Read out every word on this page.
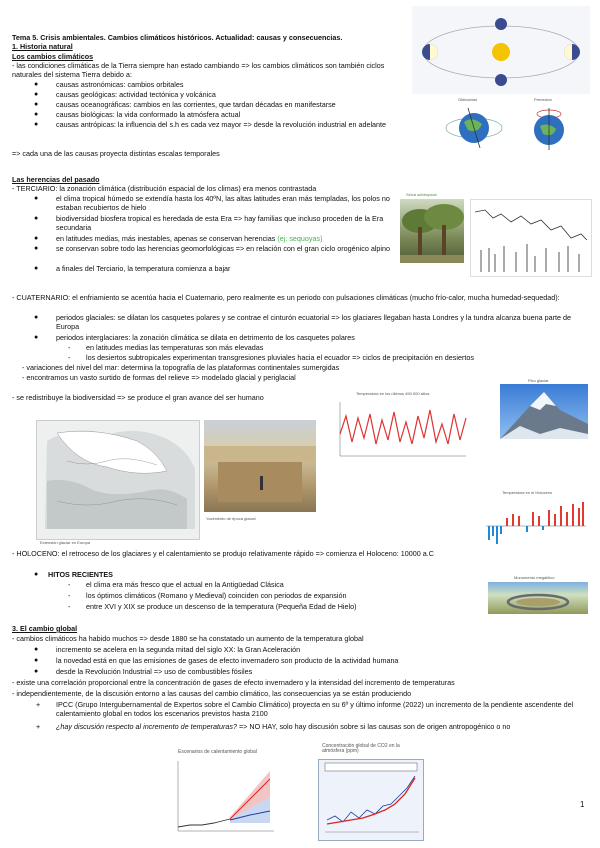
Tema 5. Crisis ambientales. Cambios climáticos históricos. Actualidad: causas y consecuencias.
1. Historia natural
Los cambios climáticos
- las condiciones climáticas de la Tierra siempre han estado cambiando => los cambios climáticos son también ciclos naturales del sistema Tierra debido a:
● causas astronómicas: cambios orbitales
● causas geológicas: actividad tectónica y volcánica
● causas oceanográficas: cambios en las corrientes, que tardan décadas en manifestarse
● causas biológicas: la vida conformado la atmósfera actual
● causas antrópicas: la influencia del s.h es cada vez mayor => desde la revolución industrial en adelante
=> cada una de las causas proyecta distintas escalas temporales
Las herencias del pasado
- TERCIARIO: la zonación climática (distribución espacial de los climas) era menos contrastada
● el clima tropical húmedo se extendía hasta los 40ºN, las altas latitudes eran más templadas, los polos no estaban recubiertos de hielo
● biodiversidad biosfera tropical es heredada de esta Era => hay familias que incluso proceden de la Era secundaria
● en latitudes medias, más inestables, apenas se conservan herencias (ej: sequoyas)
● se conservan sobre todo las herencias geomorfológicas => en relación con el gran ciclo orogénico alpino
● a finales del Terciario, la temperatura comienza a bajar
- CUATERNARIO: el enfriamiento se acentúa hacia el Cuaternario, pero realmente es un periodo con pulsaciones climáticas (mucho frío-calor, mucha humedad-sequedad):
● periodos glaciales: se dilatan los casquetes polares y se contrae el cinturón ecuatorial => los glaciares llegaban hasta Londres y la tundra alcanza buena parte de Europa
● periodos interglaciares: la zonación climática se dilata en detrimento de los casquetes polares
- en latitudes medias las temperaturas son más elevadas
- los desiertos subtropicales experimentan transgresiones pluviales hacia el ecuador => ciclos de precipitación en desiertos
- variaciones del nivel del mar: determina la topografía de las plataformas continentales sumergidas
- encontramos un vasto surtido de formas del relieve => modelado glacial y periglacial
- se redistribuye la biodiversidad => se produce el gran avance del ser humano
- HOLOCENO: el retroceso de los glaciares y el calentamiento se produjo relativamente rápido => comienza el Holoceno: 10000 a.C
● HITOS RECIENTES
- el clima era más fresco que el actual en la Antigüedad Clásica
- los óptimos climáticos (Romano y Medieval) coinciden con periodos de expansión
- entre XVI y XIX se produce un descenso de la temperatura (Pequeña Edad de Hielo)
3. El cambio global
- cambios climáticos ha habido muchos => desde 1880 se ha constatado un aumento de la temperatura global
● incremento se acelera en la segunda mitad del siglo XX: la Gran Aceleración
● la novedad está en que las emisiones de gases de efecto invernadero son producto de la actividad humana
● desde la Revolución Industrial => uso de combustibles fósiles
- existe una correlación proporcional entre la concentración de gases de efecto invernadero y la intensidad del incremento de temperaturas
- independientemente, de la discusión entorno a las causas del cambio climático, las consecuencias ya se están produciendo
+ IPCC (Grupo Intergubernamental de Expertos sobre el Cambio Climático) proyecta en su 6º y último informe (2022) un incremento de la pendiente ascendente del calentamiento global en todos los escenarios previstos hasta 2100
+ ¿hay discusión respecto al incremento de temperaturas? => NO HAY, solo hay discusión sobre si las causas son de origen antropogénico o no
1
Oblicuidad	Precesión
Selva subtropical
Pico glaciar
Temperatura en los últimos 450.000 años
Extensión glaciar en Europa
Yacimiento de época glacial
Temperatura en el Holoceno
Monumento megalítico
Escenarios de calentamiento global
Concentración global de CO2 en la atmósfera (ppm)
